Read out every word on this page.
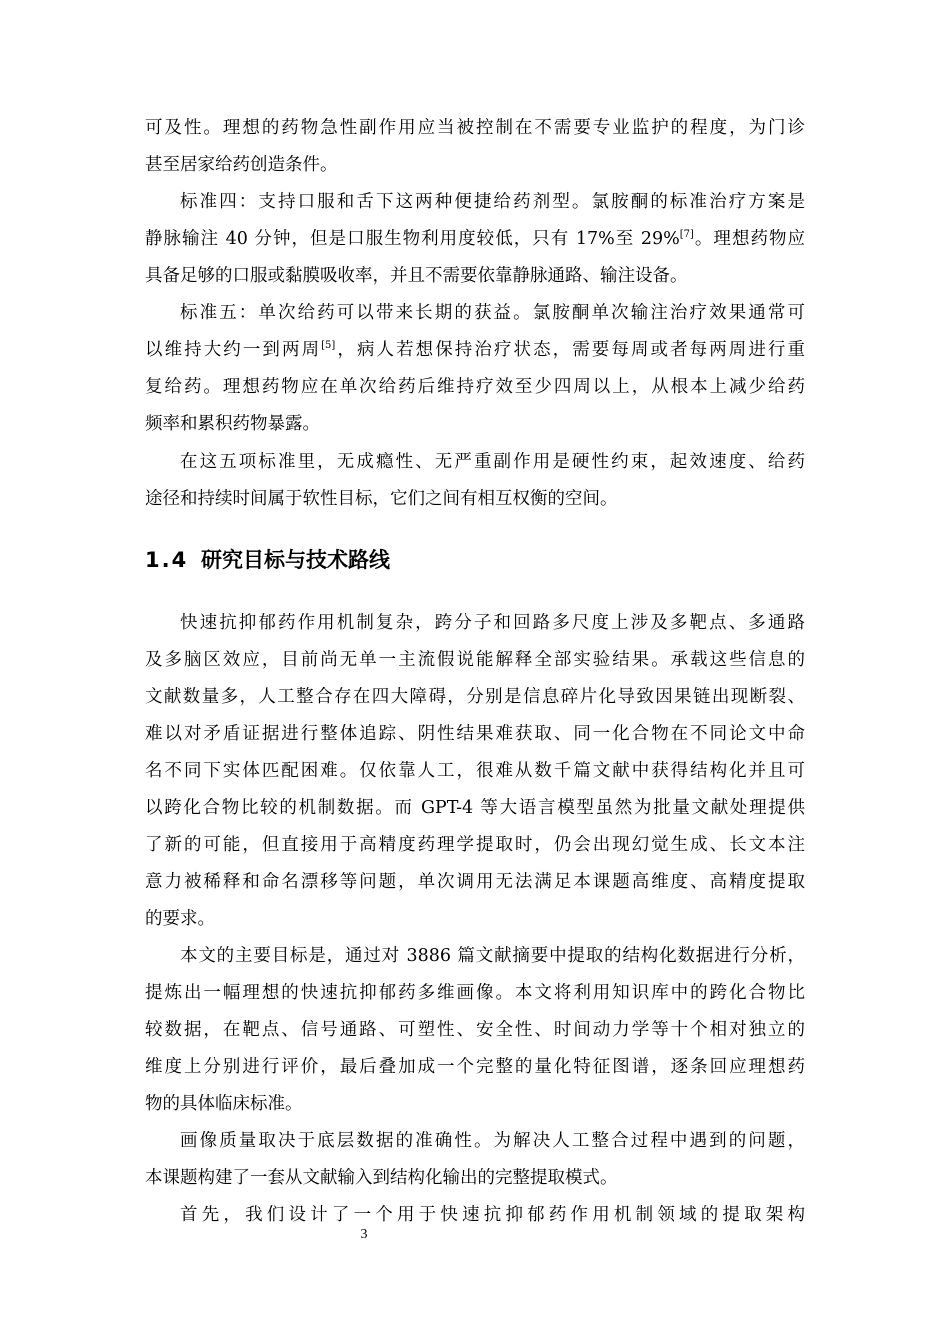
可及性。理想的药物急性副作用应当被控制在不需要专业监护的程度，为门诊
甚至居家给药创造条件。
标准四：支持口服和舌下这两种便捷给药剂型。氯胺酮的标准治疗方案是
静脉输注 40 分钟，但是口服生物利用度较低，只有 17%至 29%[7]。理想药物应
具备足够的口服或黏膜吸收率，并且不需要依靠静脉通路、输注设备。
标准五：单次给药可以带来长期的获益。氯胺酮单次输注治疗效果通常可
以维持大约一到两周[5]，病人若想保持治疗状态，需要每周或者每两周进行重
复给药。理想药物应在单次给药后维持疗效至少四周以上，从根本上减少给药
频率和累积药物暴露。
在这五项标准里，无成瘾性、无严重副作用是硬性约束，起效速度、给药
途径和持续时间属于软性目标，它们之间有相互权衡的空间。
1.4 研究目标与技术路线
快速抗抑郁药作用机制复杂，跨分子和回路多尺度上涉及多靶点、多通路
及多脑区效应，目前尚无单一主流假说能解释全部实验结果。承载这些信息的
文献数量多，人工整合存在四大障碍，分别是信息碎片化导致因果链出现断裂、
难以对矛盾证据进行整体追踪、阴性结果难获取、同一化合物在不同论文中命
名不同下实体匹配困难。仅依靠人工，很难从数千篇文献中获得结构化并且可
以跨化合物比较的机制数据。而 GPT-4 等大语言模型虽然为批量文献处理提供
了新的可能，但直接用于高精度药理学提取时，仍会出现幻觉生成、长文本注
意力被稀释和命名漂移等问题，单次调用无法满足本课题高维度、高精度提取
的要求。
本文的主要目标是，通过对 3886 篇文献摘要中提取的结构化数据进行分析，
提炼出一幅理想的快速抗抑郁药多维画像。本文将利用知识库中的跨化合物比
较数据，在靶点、信号通路、可塑性、安全性、时间动力学等十个相对独立的
维度上分别进行评价，最后叠加成一个完整的量化特征图谱，逐条回应理想药
物的具体临床标准。
画像质量取决于底层数据的准确性。为解决人工整合过程中遇到的问题，
本课题构建了一套从文献输入到结构化输出的完整提取模式。
首先，我们设计了一个用于快速抗抑郁药作用机制领域的提取架构
3
